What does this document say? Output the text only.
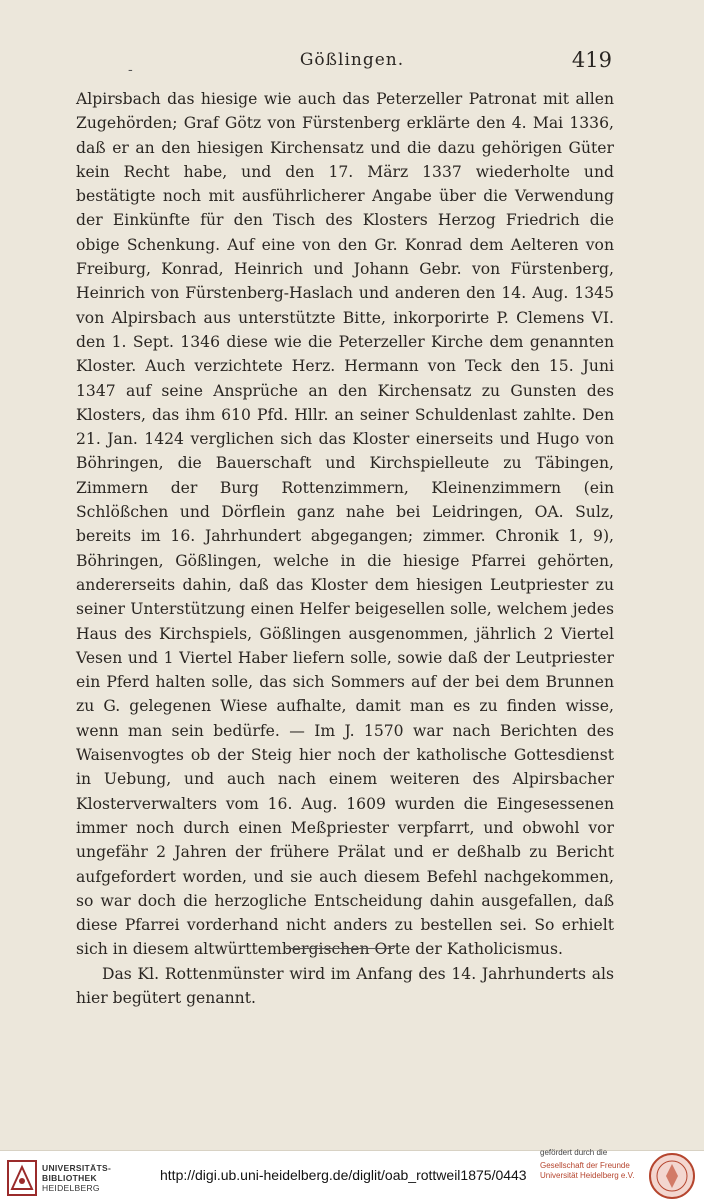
-	Gößlingen.	419

Alpirsbach das hiesige wie auch das Peterzeller Patronat mit allen Zugehörden; Graf Götz von Fürstenberg erklärte den 4. Mai 1336, daß er an den hiesigen Kirchensatz und die dazu gehörigen Güter kein Recht habe, und den 17. März 1337 wiederholte und bestätigte noch mit ausführlicherer Angabe über die Verwendung der Einkünfte für den Tisch des Klosters Herzog Friedrich die obige Schenkung. Auf eine von den Gr. Konrad dem Aelteren von Freiburg, Konrad, Heinrich und Johann Gebr. von Fürstenberg, Heinrich von Fürstenberg-Haslach und anderen den 14. Aug. 1345 von Alpirsbach aus unterstützte Bitte, inkorporirte P. Clemens VI. den 1. Sept. 1346 diese wie die Peterzeller Kirche dem genannten Kloster. Auch verzichtete Herz. Hermann von Teck den 15. Juni 1347 auf seine Ansprüche an den Kirchensatz zu Gunsten des Klosters, das ihm 610 Pfd. Hllr. an seiner Schuldenlast zahlte. Den 21. Jan. 1424 verglichen sich das Kloster einerseits und Hugo von Böhringen, die Bauerschaft und Kirchspielleute zu Täbingen, Zimmern der Burg Rottenzimmern, Kleinenzimmern (ein Schlößchen und Dörflein ganz nahe bei Leidringen, OA. Sulz, bereits im 16. Jahrhundert abgegangen; zimmer. Chronik 1, 9), Böhringen, Gößlingen, welche in die hiesige Pfarrei gehörten, andererseits dahin, daß das Kloster dem hiesigen Leutpriester zu seiner Unterstützung einen Helfer beigesellen solle, welchem jedes Haus des Kirchspiels, Gößlingen ausgenommen, jährlich 2 Viertel Vesen und 1 Viertel Haber liefern solle, sowie daß der Leutpriester ein Pferd halten solle, das sich Sommers auf der bei dem Brunnen zu G. gelegenen Wiese aufhalte, damit man es zu finden wisse, wenn man sein bedürfe. — Im J. 1570 war nach Berichten des Waisenvogtes ob der Steig hier noch der katholische Gottesdienst in Uebung, und auch nach einem weiteren des Alpirsbacher Klosterverwalters vom 16. Aug. 1609 wurden die Eingesessenen immer noch durch einen Meßpriester verpfarrt, und obwohl vor ungefähr 2 Jahren der frühere Prälat und er deßhalb zu Bericht aufgefordert worden, und sie auch diesem Befehl nachgekommen, so war doch die herzogliche Entscheidung dahin ausgefallen, daß diese Pfarrei vorderhand nicht anders zu bestellen sei. So erhielt sich in diesem altwürttembergischen Orte der Katholicismus.

Das Kl. Rottenmünster wird im Anfang des 14. Jahrhunderts als hier begütert genannt.

UNIVERSITÄTS-
BIBLIOTHEK
HEIDELBERG
http://digi.ub.uni-heidelberg.de/diglit/oab_rottweil1875/0443
gefördert durch die
Gesellschaft der Freunde
Universität Heidelberg e.V.
